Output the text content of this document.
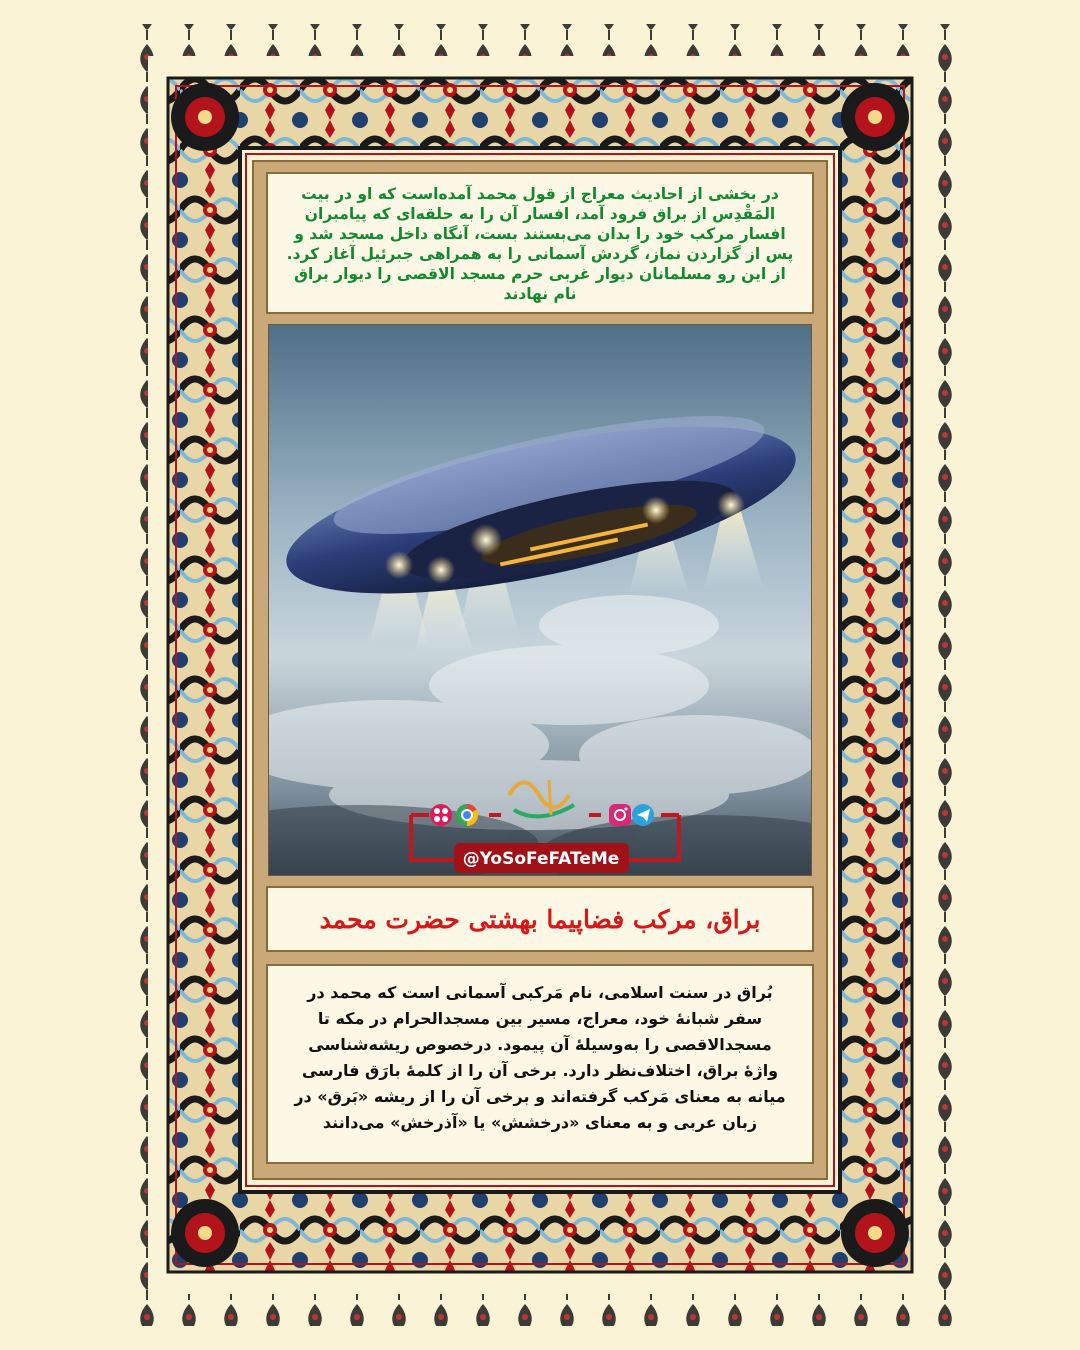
در بخشی از احادیث معراج از قول محمد آمده‌است که او در بیت المَقْدِس از براق فرود آمد، افسار آن را به حلقه‌ای که پیامبران افسار مرکب خود را بدان می‌بستند بست، آنگاه داخل مسجد شد و پس از گزاردن نماز، گردش آسمانی را به همراهی جبرئیل آغاز کرد. از این رو مسلمانان دیوار غربی حرم مسجد الاقصی را دیوار براق نام نهادند
@YoSoFeFATeMe
براق، مرکب فضاپیما بهشتی حضرت محمد
بُراق در سنت اسلامی، نام مَرکبی آسمانی است که محمد در سفر شبانهٔ خود، معراج، مسیر بین مسجدالحرام در مکه تا مسجدالاقصی را به‌وسیلهٔ آن پیمود. درخصوص ریشه‌شناسی واژهٔ براق، اختلاف‌نظر دارد. برخی آن را از کلمهٔ بارَق فارسی میانه به معنای مَرکب گرفته‌اند و برخی آن را از ریشه «بَرق» در زبان عربی و به معنای «درخشش» یا «آذرخش» می‌دانند
